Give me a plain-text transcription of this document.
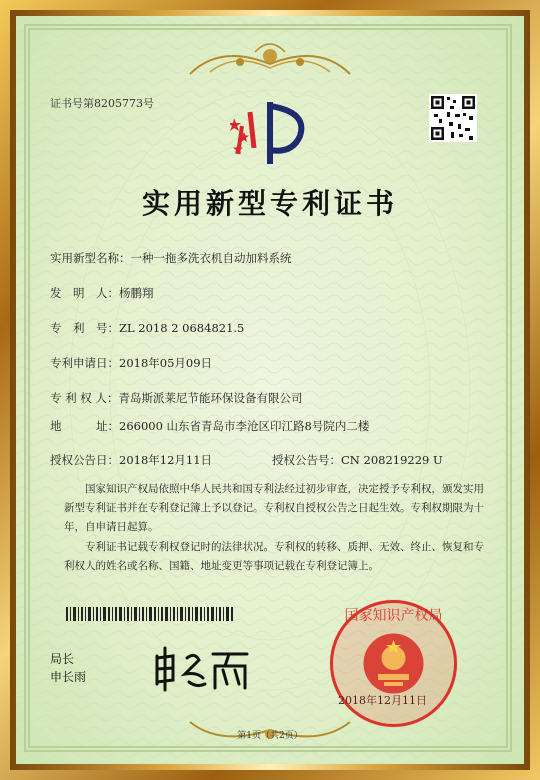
证书号第8205773号
实用新型专利证书
实用新型名称：一种一拖多洗衣机自动加料系统
发　明　人：杨鹏翔
专　利　号：ZL 2018 2 0684821.5
专利申请日：2018年05月09日
专 利 权 人：青岛斯派莱尼节能环保设备有限公司
地　　　址：266000 山东省青岛市李沧区印江路8号院内二楼
授权公告日：2018年12月11日	授权公告号：CN 208219229 U
国家知识产权局依照中华人民共和国专利法经过初步审查，决定授予专利权，颁发实用新型专利证书并在专利登记簿上予以登记。专利权自授权公告之日起生效。专利权期限为十年，自申请日起算。
专利证书记载专利权登记时的法律状况。专利权的转移、质押、无效、终止、恢复和专利权人的姓名或名称、国籍、地址变更等事项记载在专利登记簿上。
局长
申长雨
国家知识产权局
2018年12月11日
第1页（共2页）
